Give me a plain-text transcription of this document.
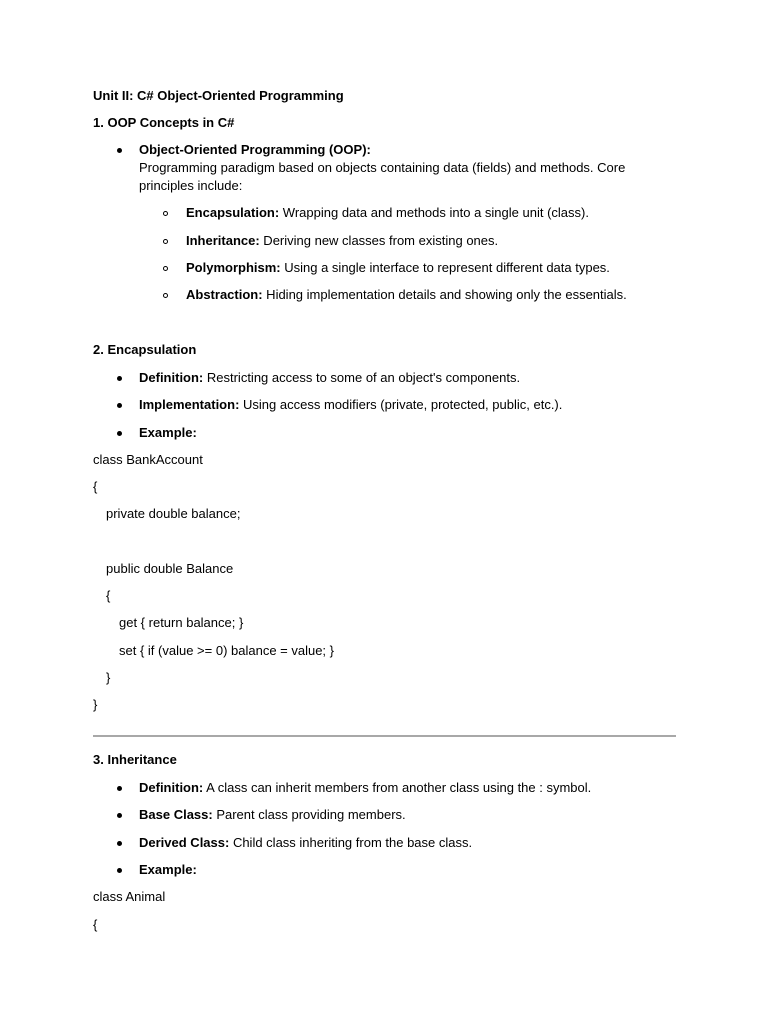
Unit II: C# Object-Oriented Programming
1. OOP Concepts in C#
Object-Oriented Programming (OOP):
Programming paradigm based on objects containing data (fields) and methods. Core
principles include:
Encapsulation: Wrapping data and methods into a single unit (class).
Inheritance: Deriving new classes from existing ones.
Polymorphism: Using a single interface to represent different data types.
Abstraction: Hiding implementation details and showing only the essentials.
2. Encapsulation
Definition: Restricting access to some of an object's components.
Implementation: Using access modifiers (private, protected, public, etc.).
Example:
class BankAccount
{
private double balance;
public double Balance
{
get { return balance; }
set { if (value >= 0) balance = value; }
}
}
3. Inheritance
Definition: A class can inherit members from another class using the : symbol.
Base Class: Parent class providing members.
Derived Class: Child class inheriting from the base class.
Example:
class Animal
{
